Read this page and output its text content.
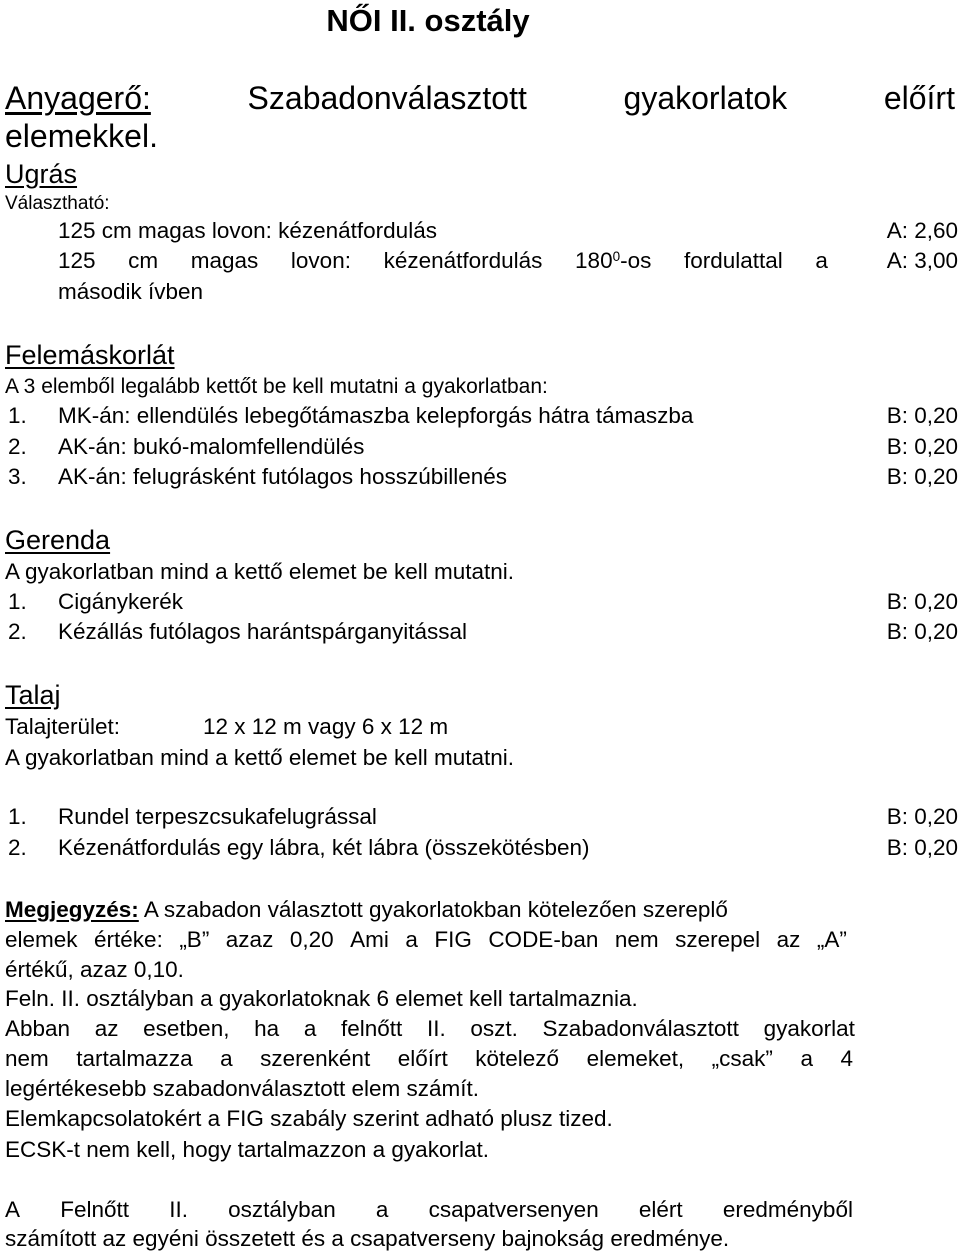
NŐI II. osztály
Anyagerő:	Szabadonválasztott	gyakorlatok	előírt
elemekkel.
Ugrás
Választható:
125 cm magas lovon: kézenátfordulás	A: 2,60
125 cm magas lovon: kézenátfordulás $180^0-os$ fordulattal a	A: 3,00
második ívben
Felemáskorlát
A 3 elemből legalább kettőt be kell mutatni a gyakorlatban:
1. MK-án: ellendülés lebegőtámaszba kelepforgás hátra támaszba	B: 0,20
2. AK-án: bukó-malomfellendülés	B: 0,20
3. AK-án: felugrásként futólagos hosszúbillenés	B: 0,20
Gerenda
A gyakorlatban mind a kettő elemet be kell mutatni.
1. Cigánykerék	B: 0,20
2. Kézállás futólagos harántspárganyitással	B: 0,20
Talaj
Talajterület:	12 x 12 m vagy 6 x 12 m
A gyakorlatban mind a kettő elemet be kell mutatni.
1. Rundel terpeszcsukafelugrással	B: 0,20
2. Kézenátfordulás egy lábra, két lábra (összekötésben)	B: 0,20
Megjegyzés: A szabadon választott gyakorlatokban kötelezően szereplő
elemek értéke: „B” azaz 0,20 Ami a FIG CODE-ban nem szerepel az „A”
értékű, azaz 0,10.
Feln. II. osztályban a gyakorlatoknak 6 elemet kell tartalmaznia.
Abban az esetben, ha a felnőtt II. oszt. Szabadonválasztott gyakorlat
nem tartalmazza a szerenként előírt kötelező elemeket, „csak” a 4
legértékesebb szabadonválasztott elem számít.
Elemkapcsolatokért a FIG szabály szerint adható plusz tized.
ECSK-t nem kell, hogy tartalmazzon a gyakorlat.
A Felnőtt II. osztályban a csapatversenyen elért eredményből
számított az egyéni összetett és a csapatverseny bajnokság eredménye.
